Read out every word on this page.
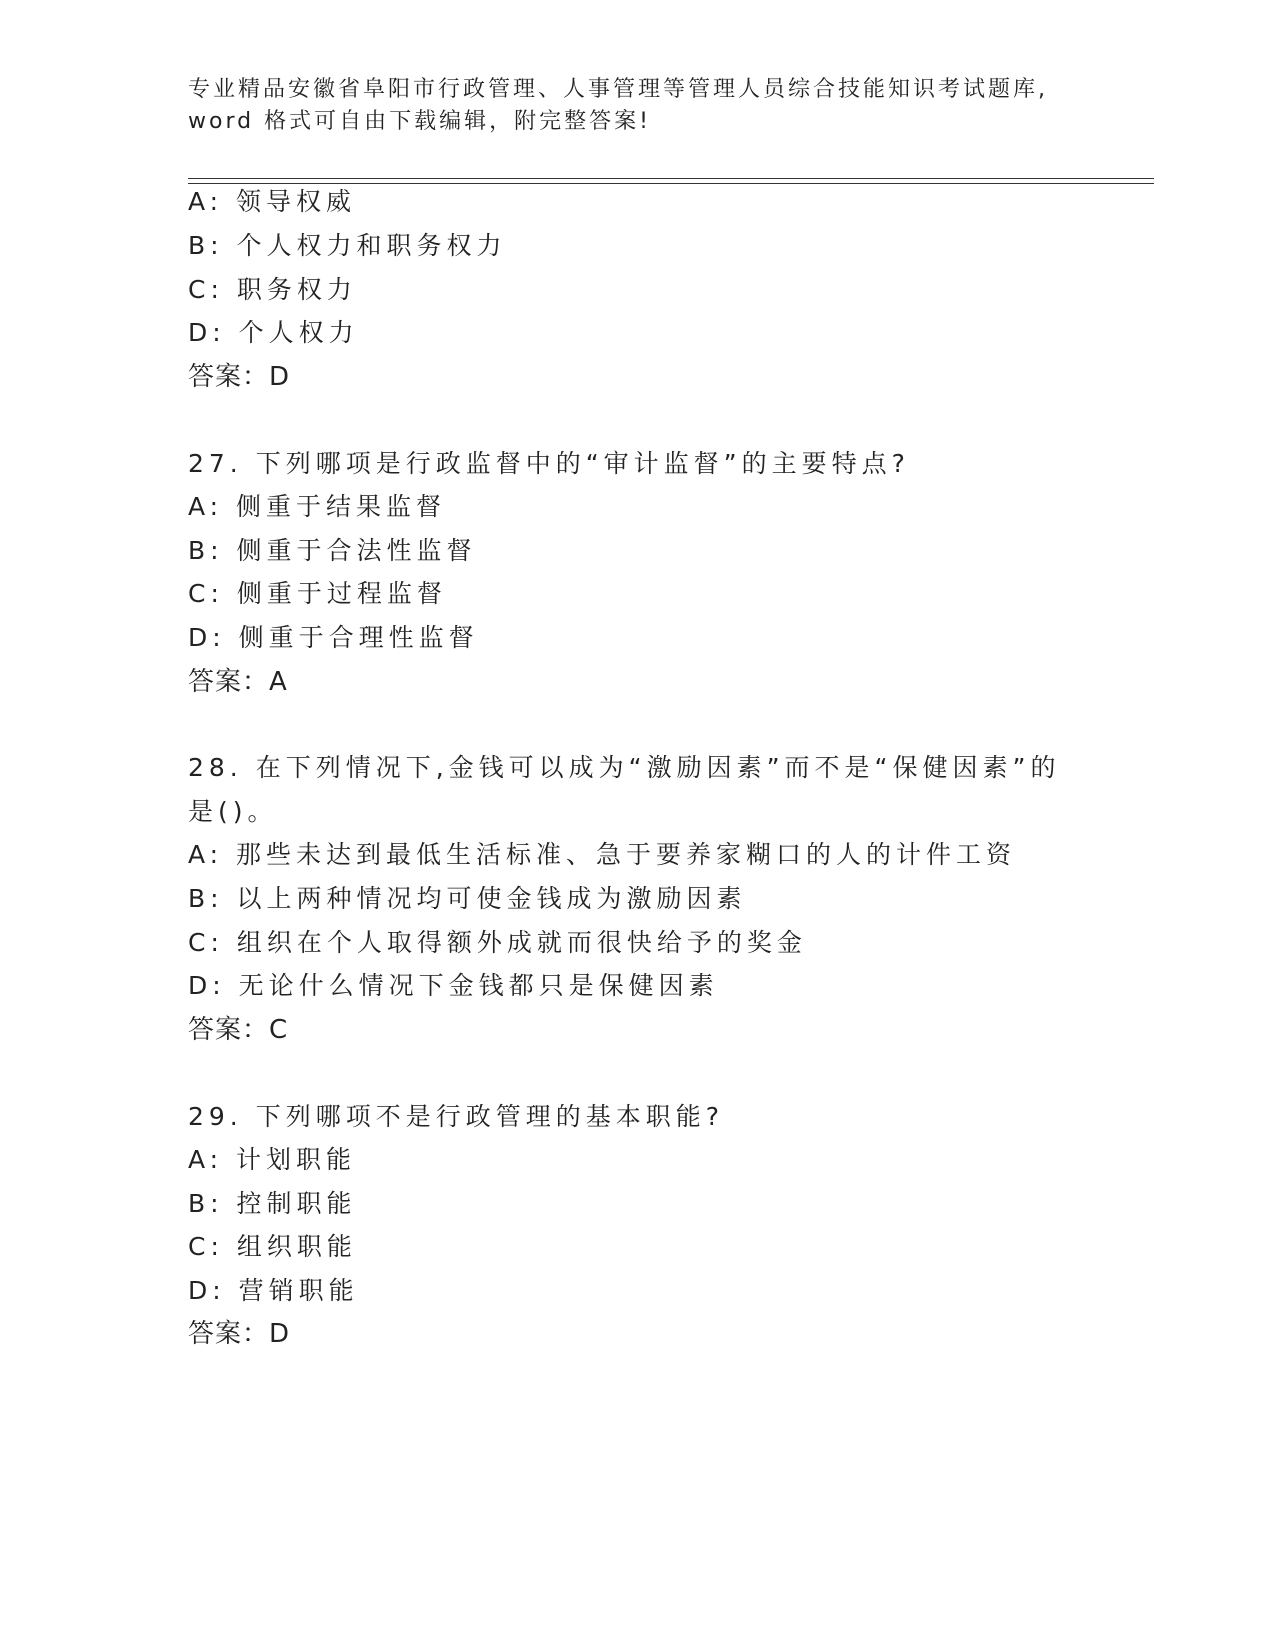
专业精品安徽省阜阳市行政管理、人事管理等管理人员综合技能知识考试题库,
word 格式可自由下载编辑，附完整答案!
A: 领导权威
B: 个人权力和职务权力
C: 职务权力
D: 个人权力
答案：D
27. 下列哪项是行政监督中的“审计监督”的主要特点?
A: 侧重于结果监督
B: 侧重于合法性监督
C: 侧重于过程监督
D: 侧重于合理性监督
答案：A
28. 在下列情况下,金钱可以成为“激励因素”而不是“保健因素”的
是()。
A: 那些未达到最低生活标准、急于要养家糊口的人的计件工资
B: 以上两种情况均可使金钱成为激励因素
C: 组织在个人取得额外成就而很快给予的奖金
D: 无论什么情况下金钱都只是保健因素
答案：C
29. 下列哪项不是行政管理的基本职能?
A: 计划职能
B: 控制职能
C: 组织职能
D: 营销职能
答案：D
